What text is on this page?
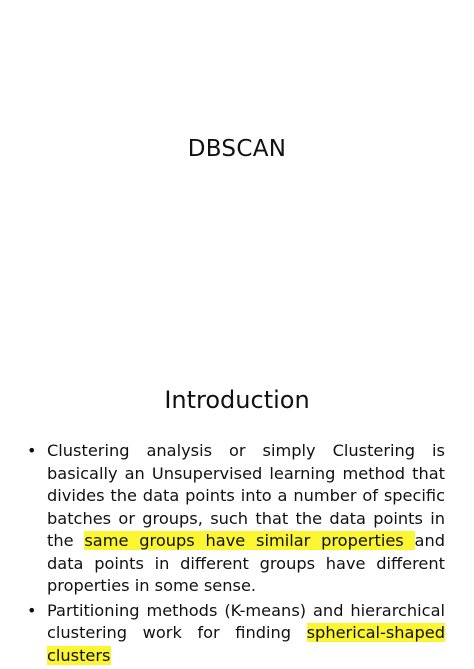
DBSCAN
Introduction
• Clustering analysis or simply Clustering is basically an Unsupervised learning method that divides the data points into a number of specific batches or groups, such that the data points in the same groups have similar properties and data points in different groups have different properties in some sense.
• Partitioning methods (K-means) and hierarchical clustering work for finding spherical-shaped clusters
